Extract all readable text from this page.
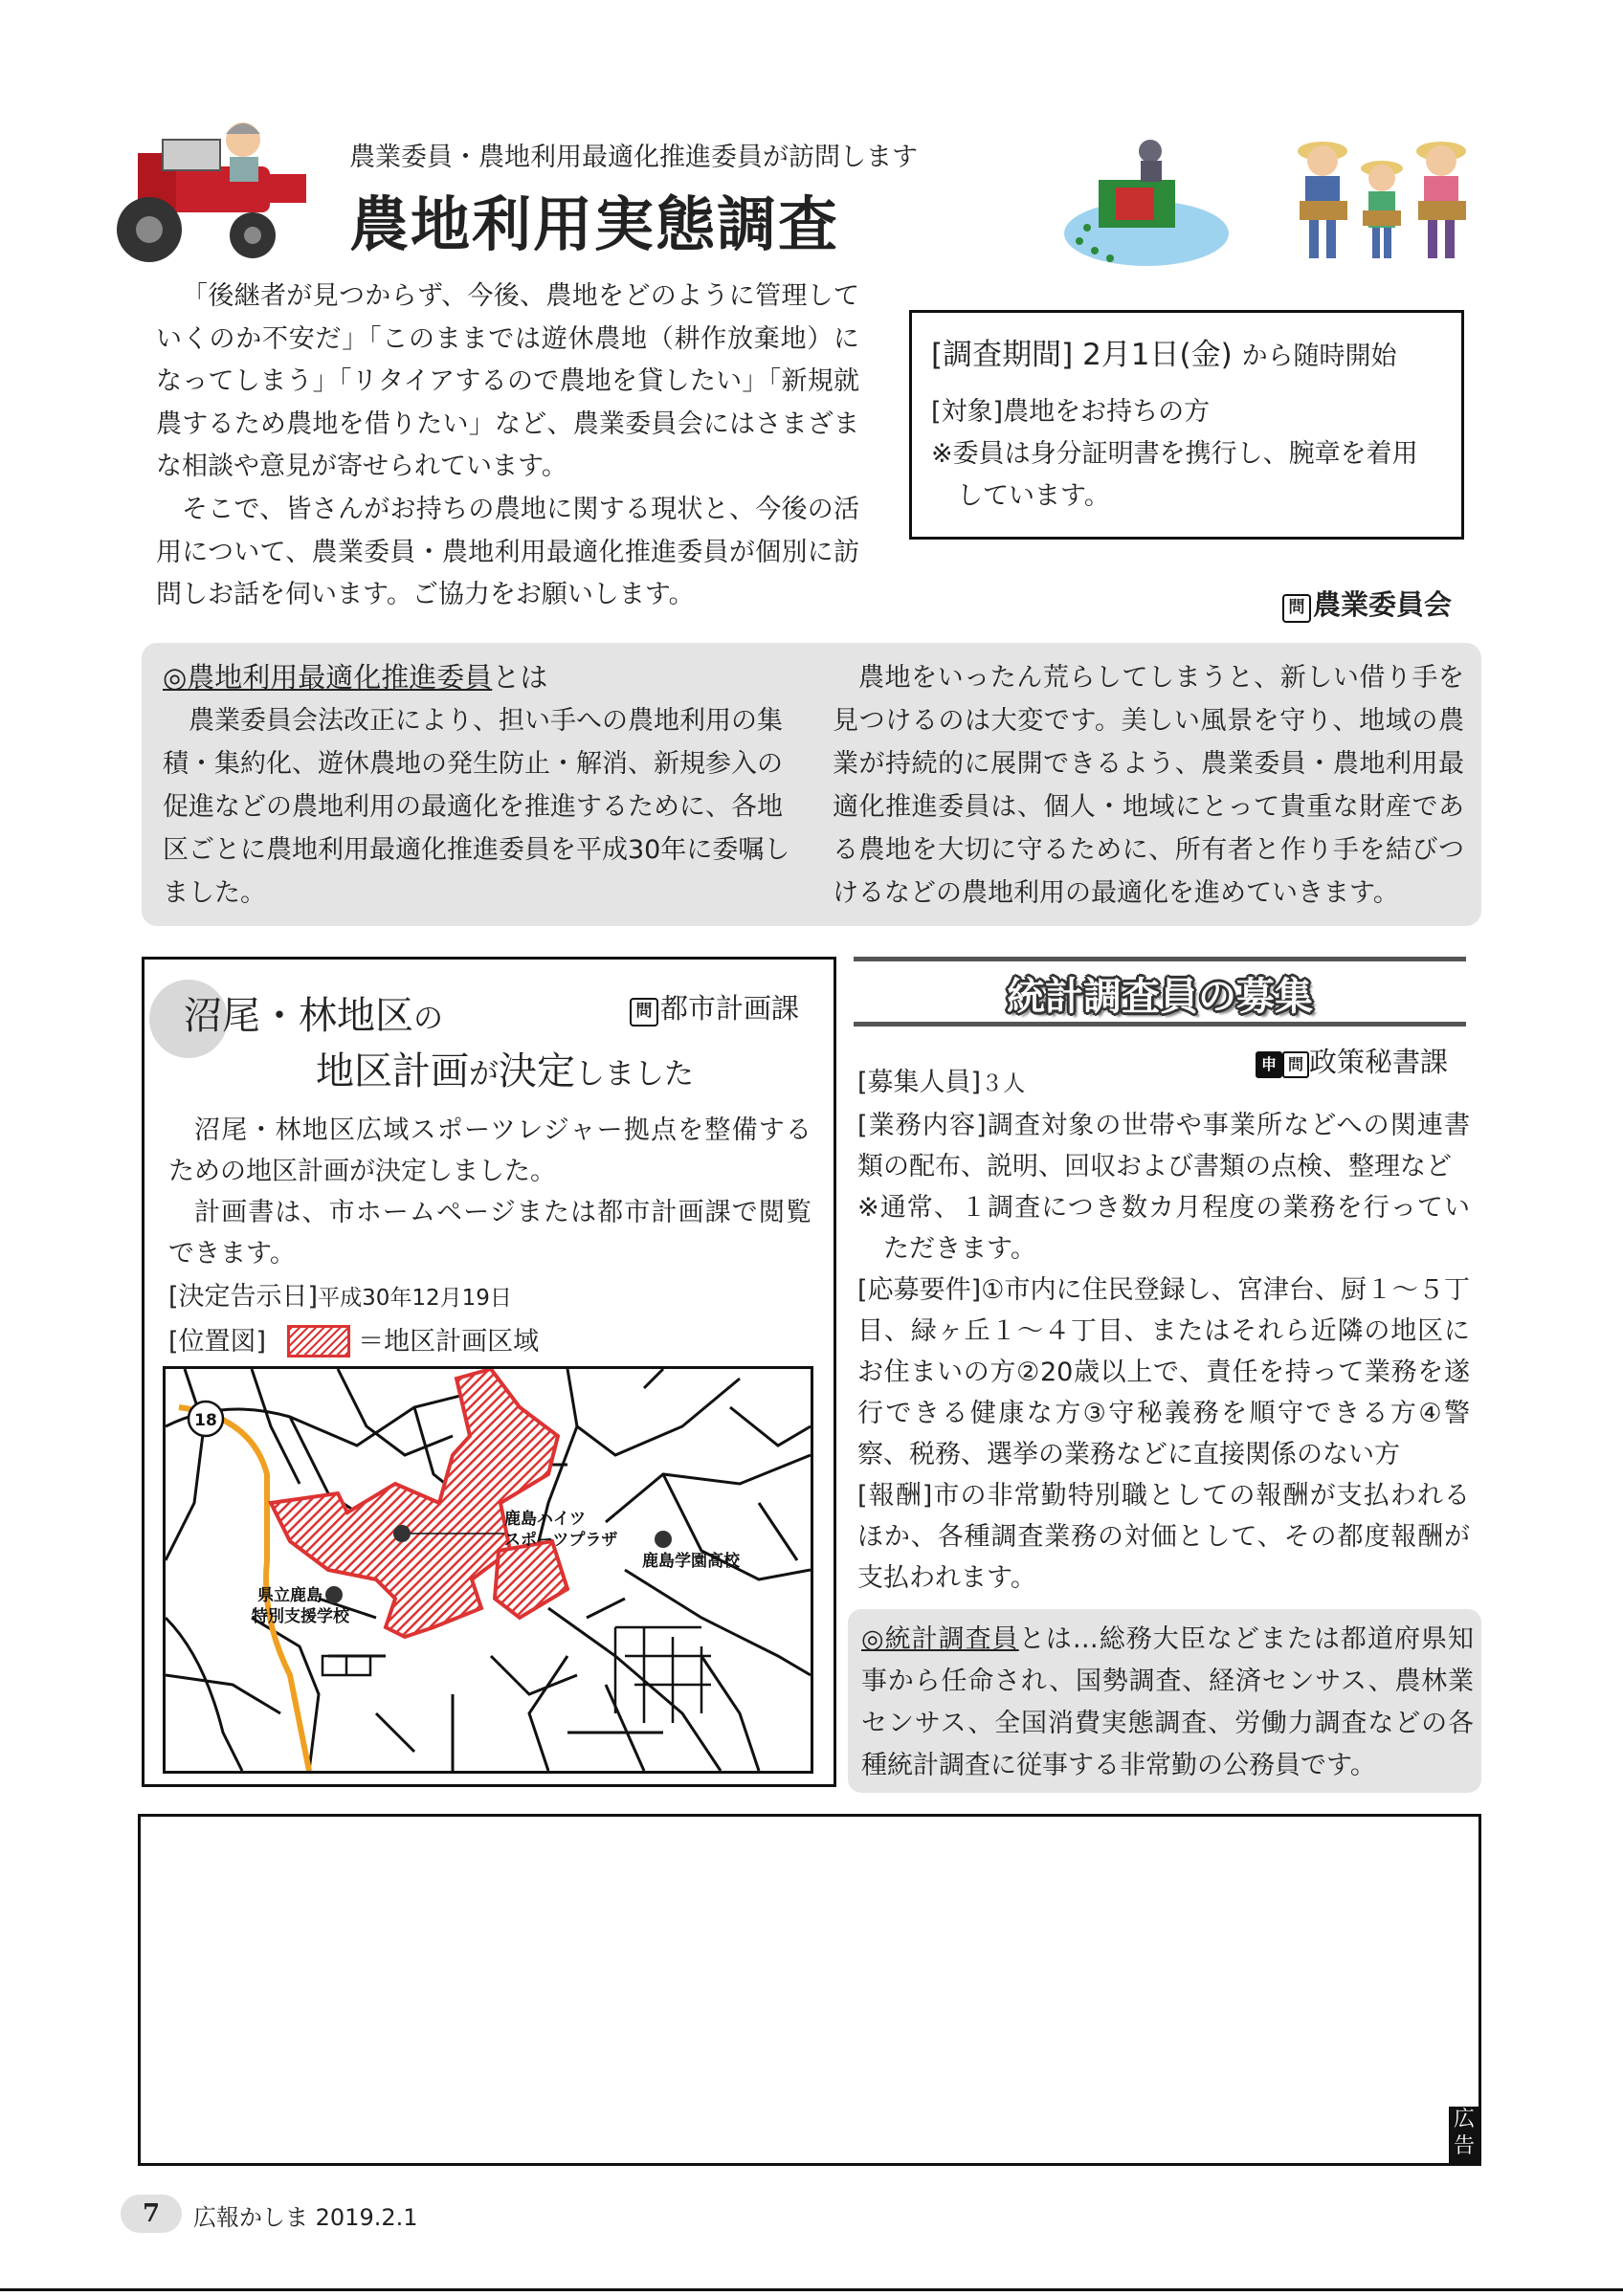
農業委員・農地利用最適化推進委員が訪問します
農地利用実態調査

「後継者が見つからず、今後、農地をどのように管理していくのか不安だ」「このままでは遊休農地（耕作放棄地）になってしまう」「リタイアするので農地を貸したい」「新規就農するため農地を借りたい」など、農業委員会にはさまざまな相談や意見が寄せられています。

そこで、皆さんがお持ちの農地に関する現状と、今後の活用について、農業委員・農地利用最適化推進委員が個別に訪問しお話を伺います。ご協力をお願いします。

[調査期間] 2月1日(金) から随時開始
[対象]農地をお持ちの方
※委員は身分証明書を携行し、腕章を着用しています。
問 農業委員会
◎農地利用最適化推進委員とは
農業委員会法改正により、担い手への農地利用の集積・集約化、遊休農地の発生防止・解消、新規参入の促進などの農地利用の最適化を推進するために、各地区ごとに農地利用最適化推進委員を平成30年に委嘱しました。
農地をいったん荒らしてしまうと、新しい借り手を見つけるのは大変です。美しい風景を守り、地域の農業が持続的に展開できるよう、農業委員・農地利用最適化推進委員は、個人・地域にとって貴重な財産である農地を大切に守るために、所有者と作り手を結びつけるなどの農地利用の最適化を進めていきます。
沼尾・林地区の
地区計画が決定しました
問 都市計画課

沼尾・林地区広域スポーツレジャー拠点を整備するための地区計画が決定しました。

計画書は、市ホームページまたは都市計画課で閲覧できます。

[決定告示日]平成30年12月19日

[位置図]	＝地区計画区域
18
鹿島ハイツ
スポーツプラザ
鹿島学園高校
県立鹿島
特別支援学校
統計調査員の募集
申 問 政策秘書課

[募集人員]３人

[業務内容]調査対象の世帯や事業所などへの関連書類の配布、説明、回収および書類の点検、整理など

※通常、１調査につき数カ月程度の業務を行っていただきます。

[応募要件]①市内に住民登録し、宮津台、厨１～５丁目、緑ヶ丘１～４丁目、またはそれら近隣の地区にお住まいの方②20歳以上で、責任を持って業務を遂行できる健康な方③守秘義務を順守できる方④警察、税務、選挙の業務などに直接関係のない方

[報酬]市の非常勤特別職としての報酬が支払われるほか、各種調査業務の対価として、その都度報酬が支払われます。

◎統計調査員とは…総務大臣などまたは都道府県知事から任命され、国勢調査、経済センサス、農林業センサス、全国消費実態調査、労働力調査などの各種統計調査に従事する非常勤の公務員です。
広告
7	広報かしま 2019.2.1
